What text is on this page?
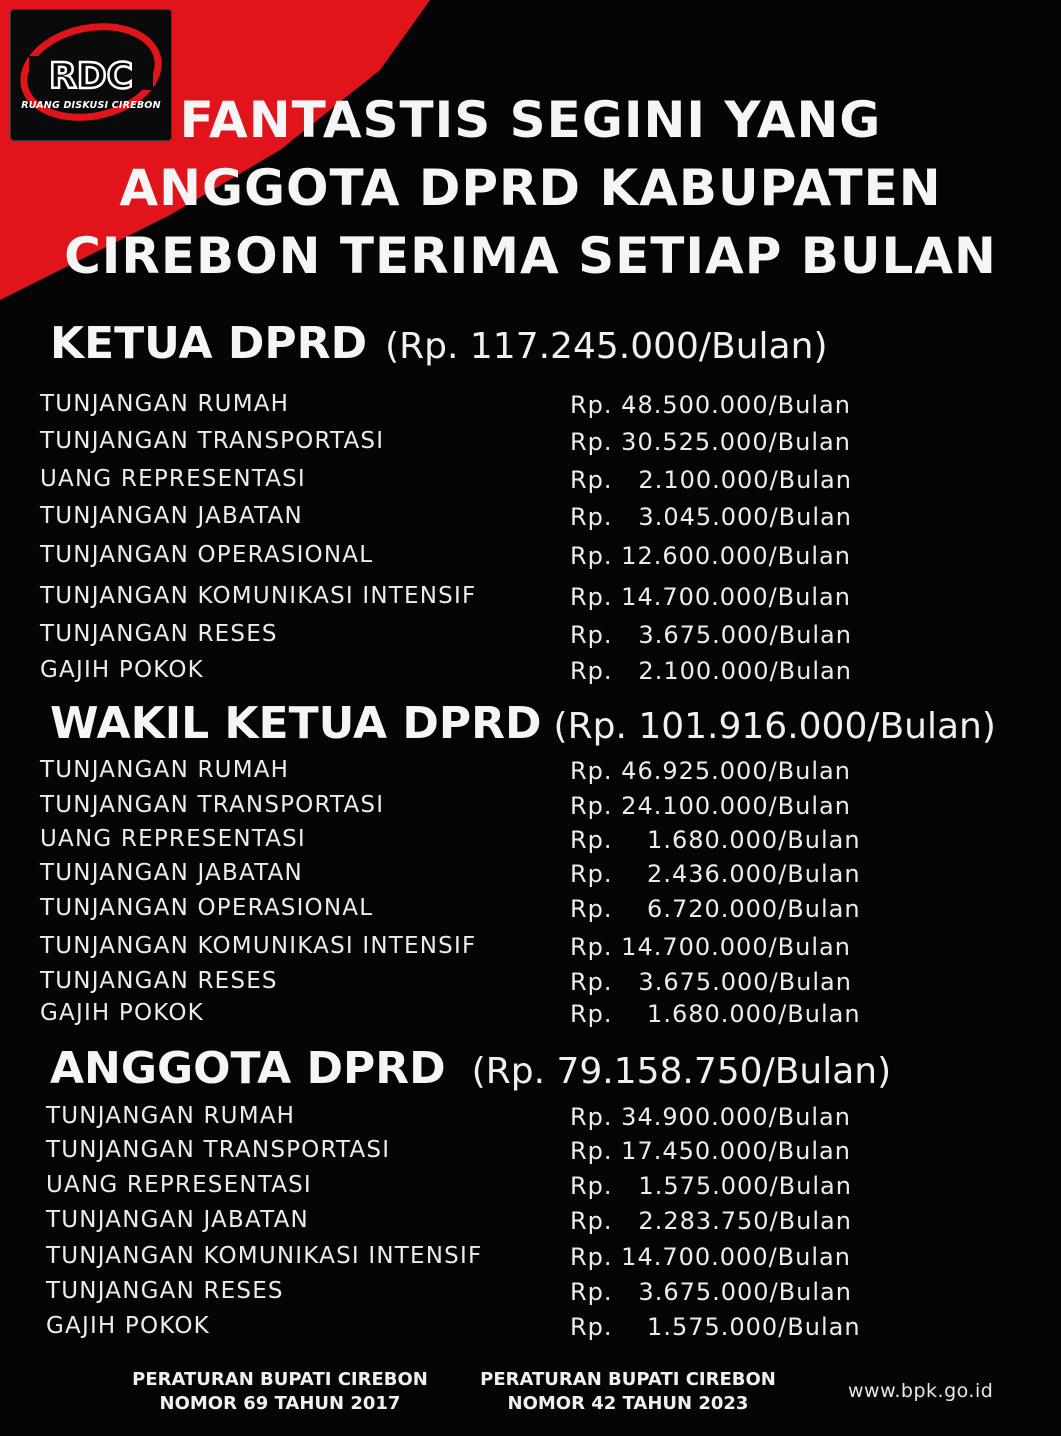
RDC
RUANG DISKUSI CIREBON FANTASTIS SEGINI YANG
ANGGOTA DPRD KABUPATEN
CIREBON TERIMA SETIAP BULAN
KETUA DPRD (Rp. 117.245.000/Bulan)
TUNJANGAN RUMAH	Rp. 48.500.000/Bulan
TUNJANGAN TRANSPORTASI	Rp. 30.525.000/Bulan
UANG REPRESENTASI	Rp.   2.100.000/Bulan
TUNJANGAN JABATAN	Rp.   3.045.000/Bulan
TUNJANGAN OPERASIONAL	Rp. 12.600.000/Bulan
TUNJANGAN KOMUNIKASI INTENSIF	Rp. 14.700.000/Bulan
TUNJANGAN RESES	Rp.   3.675.000/Bulan
GAJIH POKOK	Rp.   2.100.000/Bulan
WAKIL KETUA DPRD (Rp. 101.916.000/Bulan)
TUNJANGAN RUMAH	Rp. 46.925.000/Bulan
TUNJANGAN TRANSPORTASI	Rp. 24.100.000/Bulan
UANG REPRESENTASI	Rp.    1.680.000/Bulan
TUNJANGAN JABATAN	Rp.    2.436.000/Bulan
TUNJANGAN OPERASIONAL	Rp.    6.720.000/Bulan
TUNJANGAN KOMUNIKASI INTENSIF	Rp. 14.700.000/Bulan
TUNJANGAN RESES	Rp.   3.675.000/Bulan
GAJIH POKOK	Rp.    1.680.000/Bulan
ANGGOTA DPRD (Rp. 79.158.750/Bulan)
TUNJANGAN RUMAH	Rp. 34.900.000/Bulan
TUNJANGAN TRANSPORTASI	Rp. 17.450.000/Bulan
UANG REPRESENTASI	Rp.   1.575.000/Bulan
TUNJANGAN JABATAN	Rp.   2.283.750/Bulan
TUNJANGAN KOMUNIKASI INTENSIF	Rp. 14.700.000/Bulan
TUNJANGAN RESES	Rp.   3.675.000/Bulan
GAJIH POKOK	Rp.    1.575.000/Bulan
PERATURAN BUPATI CIREBON
NOMOR 69 TAHUN 2017
PERATURAN BUPATI CIREBON
NOMOR 42 TAHUN 2023
www.bpk.go.id
